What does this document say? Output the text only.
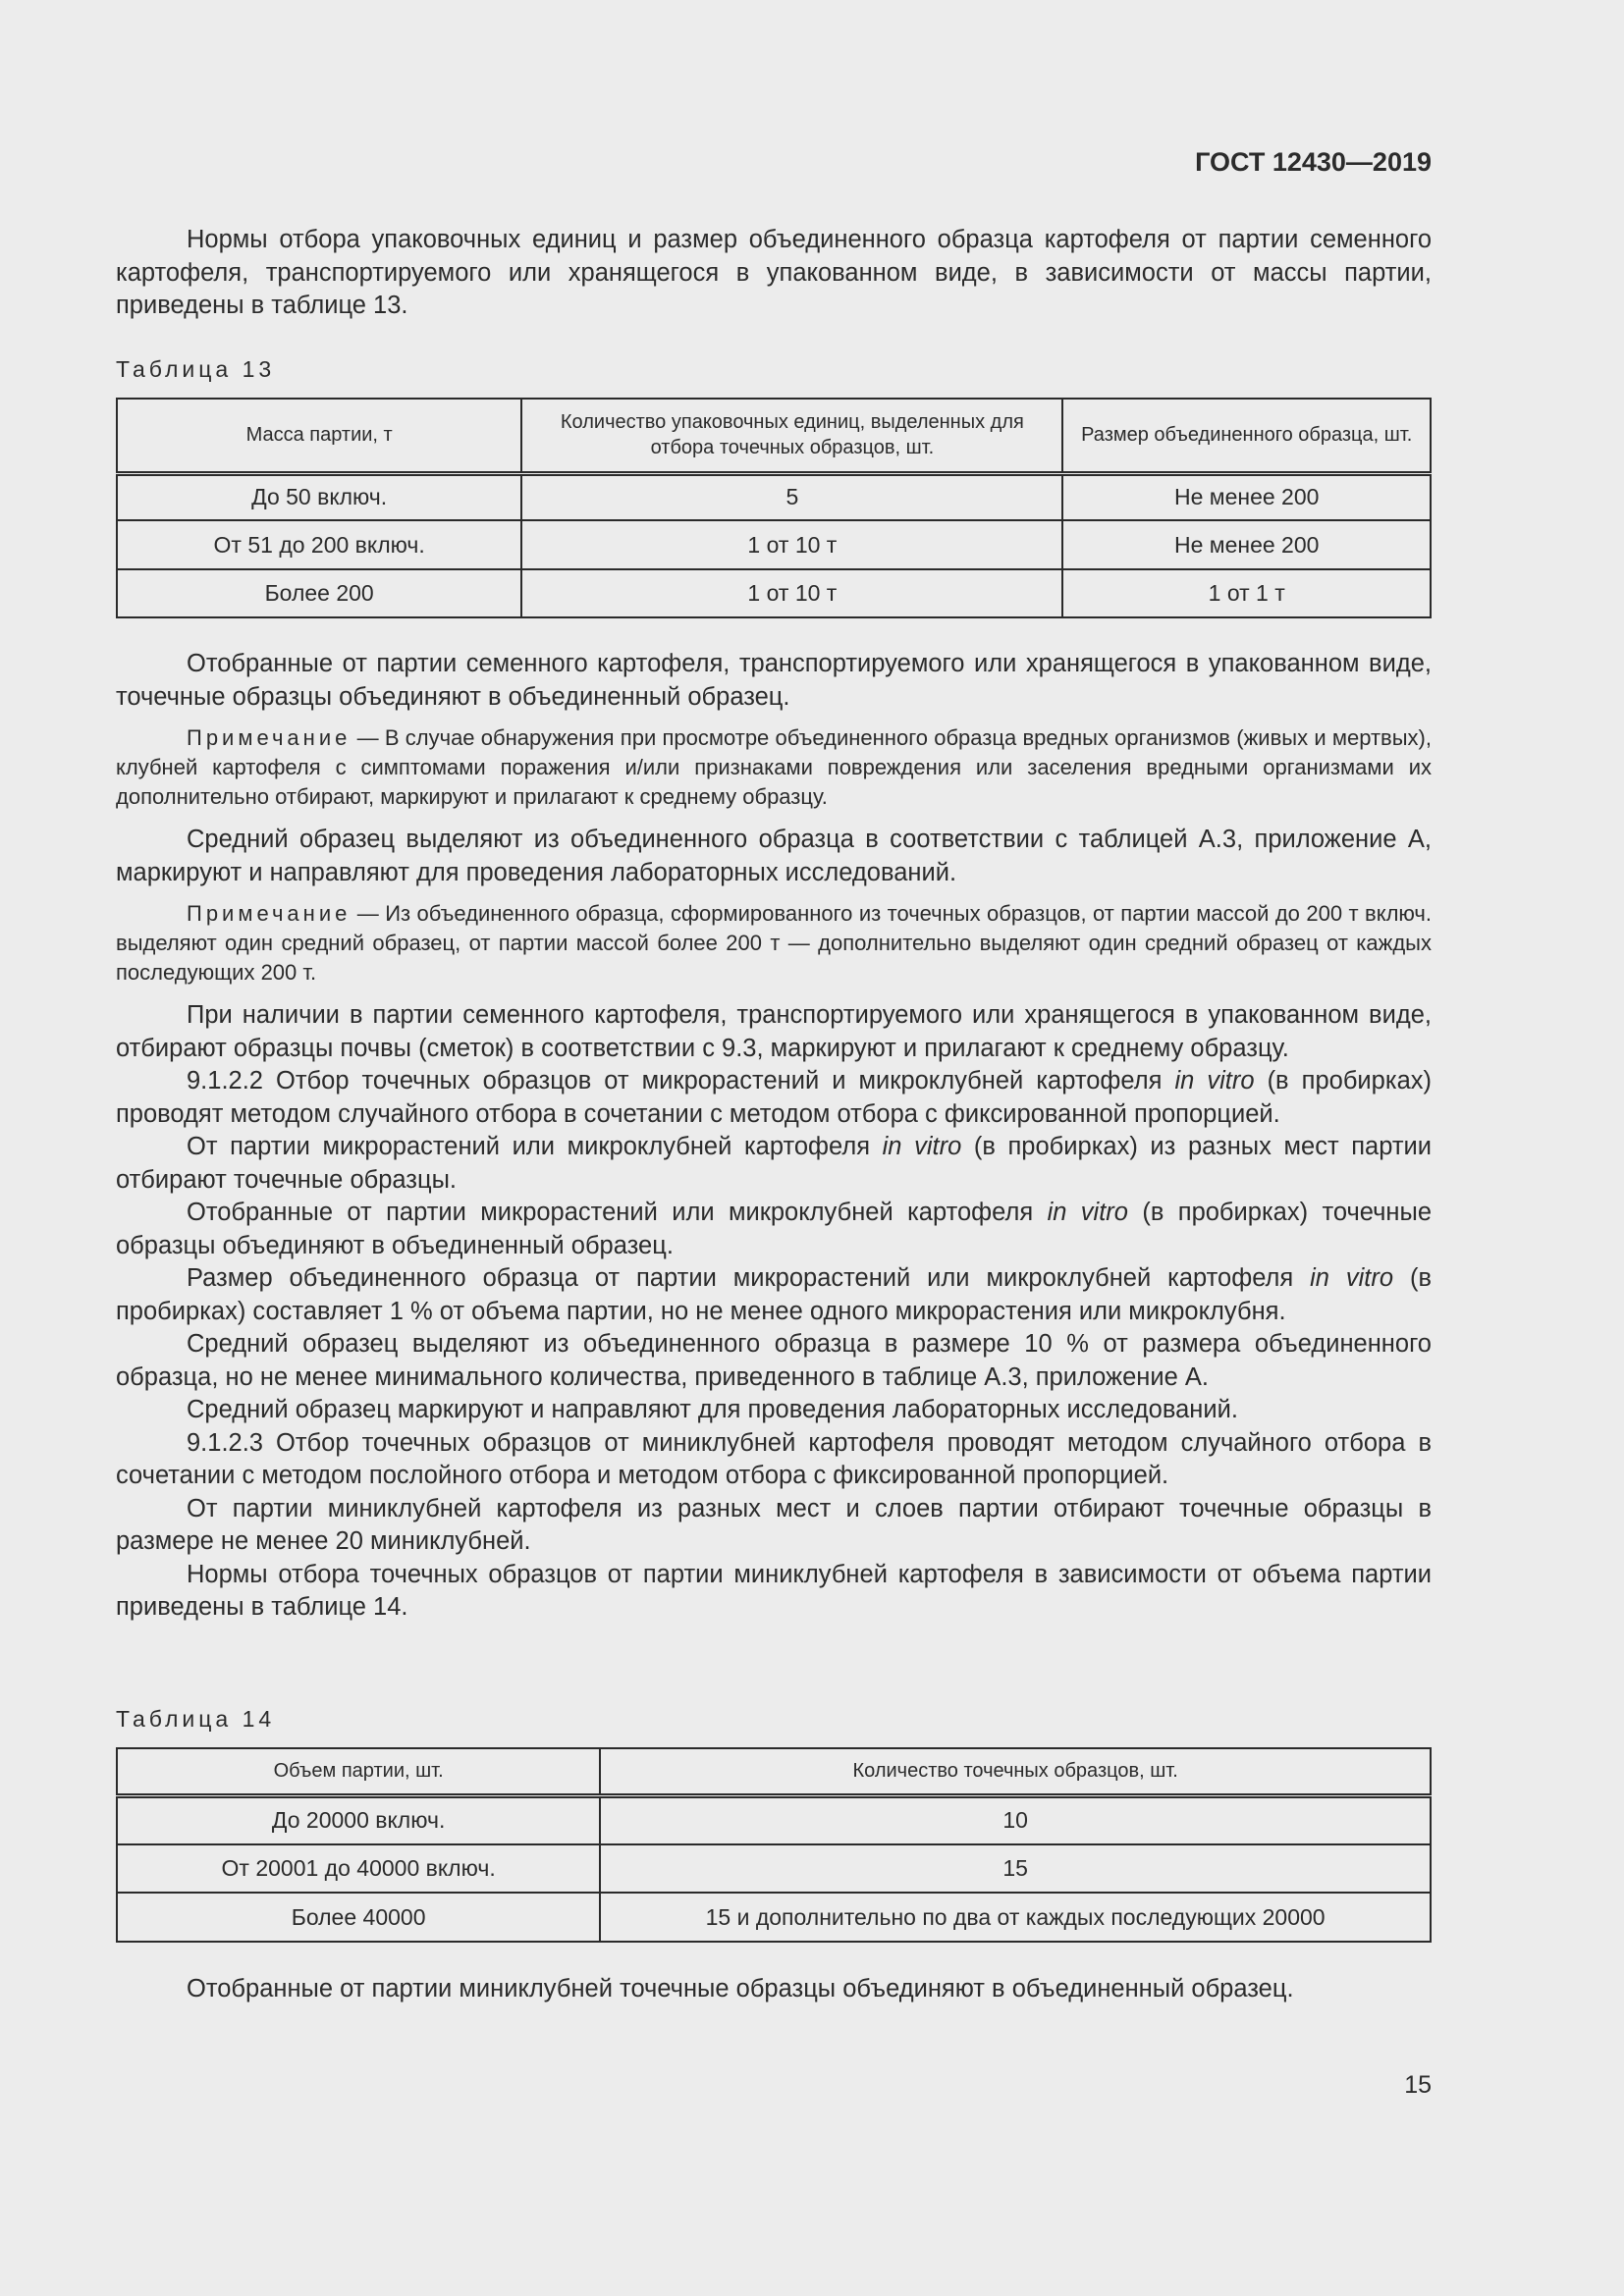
ГОСТ 12430—2019

Нормы отбора упаковочных единиц и размер объединенного образца картофеля от партии семенного картофеля, транспортируемого или хранящегося в упакованном виде, в зависимости от массы партии, приведены в таблице 13.

Таблица 13
Масса партии, т	Количество упаковочных единиц, выделенных для отбора точечных образцов, шт.	Размер объединенного образца, шт.
До 50 включ.	5	Не менее 200
От 51 до 200 включ.	1 от 10 т	Не менее 200
Более 200	1 от 10 т	1 от 1 т

Отобранные от партии семенного картофеля, транспортируемого или хранящегося в упакованном виде, точечные образцы объединяют в объединенный образец.

Примечание — В случае обнаружения при просмотре объединенного образца вредных организмов (живых и мертвых), клубней картофеля с симптомами поражения и/или признаками повреждения или заселения вредными организмами их дополнительно отбирают, маркируют и прилагают к среднему образцу.

Средний образец выделяют из объединенного образца в соответствии с таблицей А.3, приложение А, маркируют и направляют для проведения лабораторных исследований.

Примечание — Из объединенного образца, сформированного из точечных образцов, от партии массой до 200 т включ. выделяют один средний образец, от партии массой более 200 т — дополнительно выделяют один средний образец от каждых последующих 200 т.

При наличии в партии семенного картофеля, транспортируемого или хранящегося в упакованном виде, отбирают образцы почвы (сметок) в соответствии с 9.3, маркируют и прилагают к среднему образцу.

9.1.2.2 Отбор точечных образцов от микрорастений и микроклубней картофеля in vitro (в пробирках) проводят методом случайного отбора в сочетании с методом отбора с фиксированной пропорцией.

От партии микрорастений или микроклубней картофеля in vitro (в пробирках) из разных мест партии отбирают точечные образцы.

Отобранные от партии микрорастений или микроклубней картофеля in vitro (в пробирках) точечные образцы объединяют в объединенный образец.

Размер объединенного образца от партии микрорастений или микроклубней картофеля in vitro (в пробирках) составляет 1 % от объема партии, но не менее одного микрорастения или микроклубня.

Средний образец выделяют из объединенного образца в размере 10 % от размера объединенного образца, но не менее минимального количества, приведенного в таблице А.3, приложение А.

Средний образец маркируют и направляют для проведения лабораторных исследований.

9.1.2.3 Отбор точечных образцов от миниклубней картофеля проводят методом случайного отбора в сочетании с методом послойного отбора и методом отбора с фиксированной пропорцией.

От партии миниклубней картофеля из разных мест и слоев партии отбирают точечные образцы в размере не менее 20 миниклубней.

Нормы отбора точечных образцов от партии миниклубней картофеля в зависимости от объема партии приведены в таблице 14.

Таблица 14
Объем партии, шт.	Количество точечных образцов, шт.
До 20000 включ.	10
От 20001 до 40000 включ.	15
Более 40000	15 и дополнительно по два от каждых последующих 20000

Отобранные от партии миниклубней точечные образцы объединяют в объединенный образец.

15
